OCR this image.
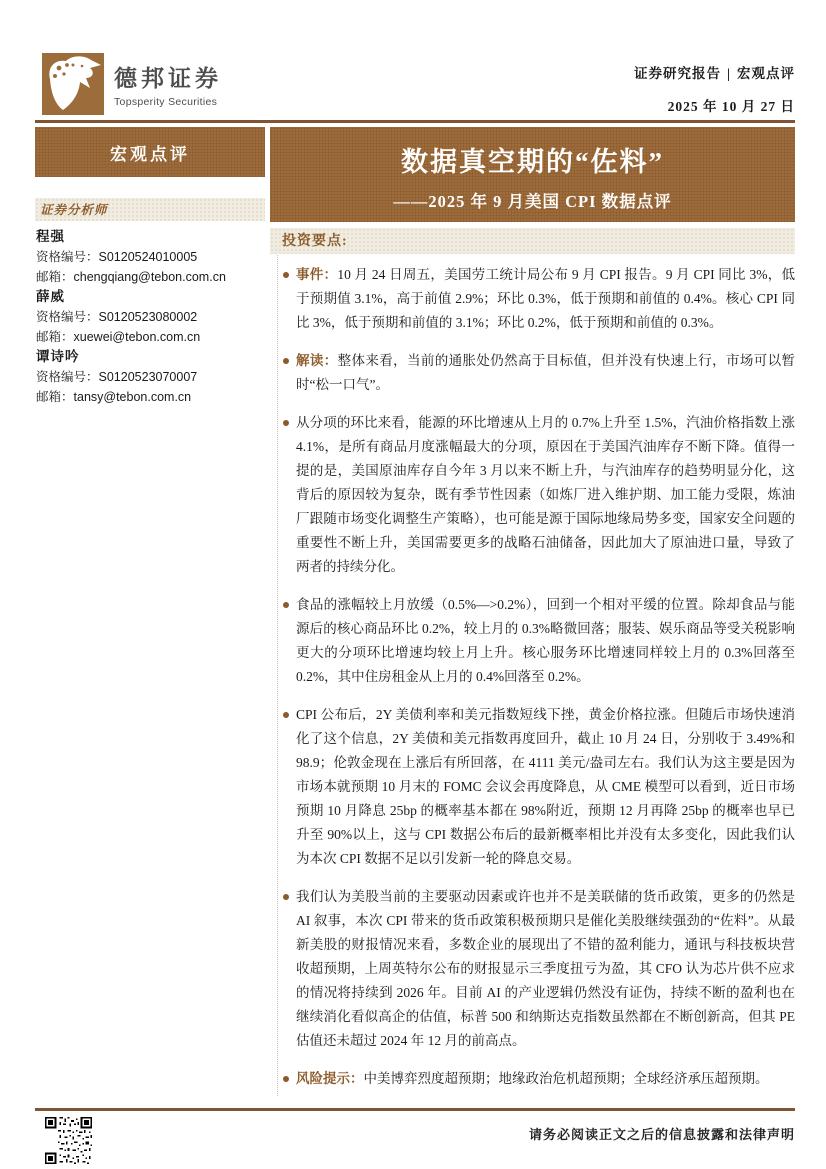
德邦证券
Topsperity Securities
证券研究报告 | 宏观点评
2025 年 10 月 27 日
宏观点评
证券分析师
程强
资格编号：S0120524010005
邮箱：chengqiang@tebon.com.cn
薛威
资格编号：S0120523080002
邮箱：xuewei@tebon.com.cn
谭诗吟
资格编号：S0120523070007
邮箱：tansy@tebon.com.cn
数据真空期的“佐料”
——2025 年 9 月美国 CPI 数据点评
投资要点:
事件：10 月 24 日周五，美国劳工统计局公布 9 月 CPI 报告。9 月 CPI 同比 3%，低于预期值 3.1%，高于前值 2.9%；环比 0.3%，低于预期和前值的 0.4%。核心 CPI 同比 3%，低于预期和前值的 3.1%；环比 0.2%，低于预期和前值的 0.3%。
解读：整体来看，当前的通胀处仍然高于目标值，但并没有快速上行，市场可以暂时“松一口气”。
从分项的环比来看，能源的环比增速从上月的 0.7%上升至 1.5%，汽油价格指数上涨 4.1%，是所有商品月度涨幅最大的分项，原因在于美国汽油库存不断下降。值得一提的是，美国原油库存自今年 3 月以来不断上升，与汽油库存的趋势明显分化，这背后的原因较为复杂，既有季节性因素（如炼厂进入维护期、加工能力受限，炼油厂跟随市场变化调整生产策略），也可能是源于国际地缘局势多变，国家安全问题的重要性不断上升，美国需要更多的战略石油储备，因此加大了原油进口量，导致了两者的持续分化。
食品的涨幅较上月放缓（0.5%—>0.2%），回到一个相对平缓的位置。除却食品与能源后的核心商品环比 0.2%，较上月的 0.3%略微回落；服装、娱乐商品等受关税影响更大的分项环比增速均较上月上升。核心服务环比增速同样较上月的 0.3%回落至 0.2%，其中住房租金从上月的 0.4%回落至 0.2%。
CPI 公布后，2Y 美债利率和美元指数短线下挫，黄金价格拉涨。但随后市场快速消化了这个信息，2Y 美债和美元指数再度回升，截止 10 月 24 日，分别收于 3.49%和 98.9；伦敦金现在上涨后有所回落，在 4111 美元/盎司左右。我们认为这主要是因为市场本就预期 10 月末的 FOMC 会议会再度降息，从 CME 模型可以看到，近日市场预期 10 月降息 25bp 的概率基本都在 98%附近，预期 12 月再降 25bp 的概率也早已升至 90%以上，这与 CPI 数据公布后的最新概率相比并没有太多变化，因此我们认为本次 CPI 数据不足以引发新一轮的降息交易。
我们认为美股当前的主要驱动因素或许也并不是美联储的货币政策，更多的仍然是 AI 叙事，本次 CPI 带来的货币政策积极预期只是催化美股继续强劲的“佐料”。从最新美股的财报情况来看，多数企业的展现出了不错的盈利能力，通讯与科技板块营收超预期，上周英特尔公布的财报显示三季度扭亏为盈，其 CFO 认为芯片供不应求的情况将持续到 2026 年。目前 AI 的产业逻辑仍然没有证伪，持续不断的盈利也在继续消化看似高企的估值，标普 500 和纳斯达克指数虽然都在不断创新高，但其 PE 估值还未超过 2024 年 12 月的前高点。
风险提示：中美博弈烈度超预期；地缘政治危机超预期；全球经济承压超预期。
请务必阅读正文之后的信息披露和法律声明
